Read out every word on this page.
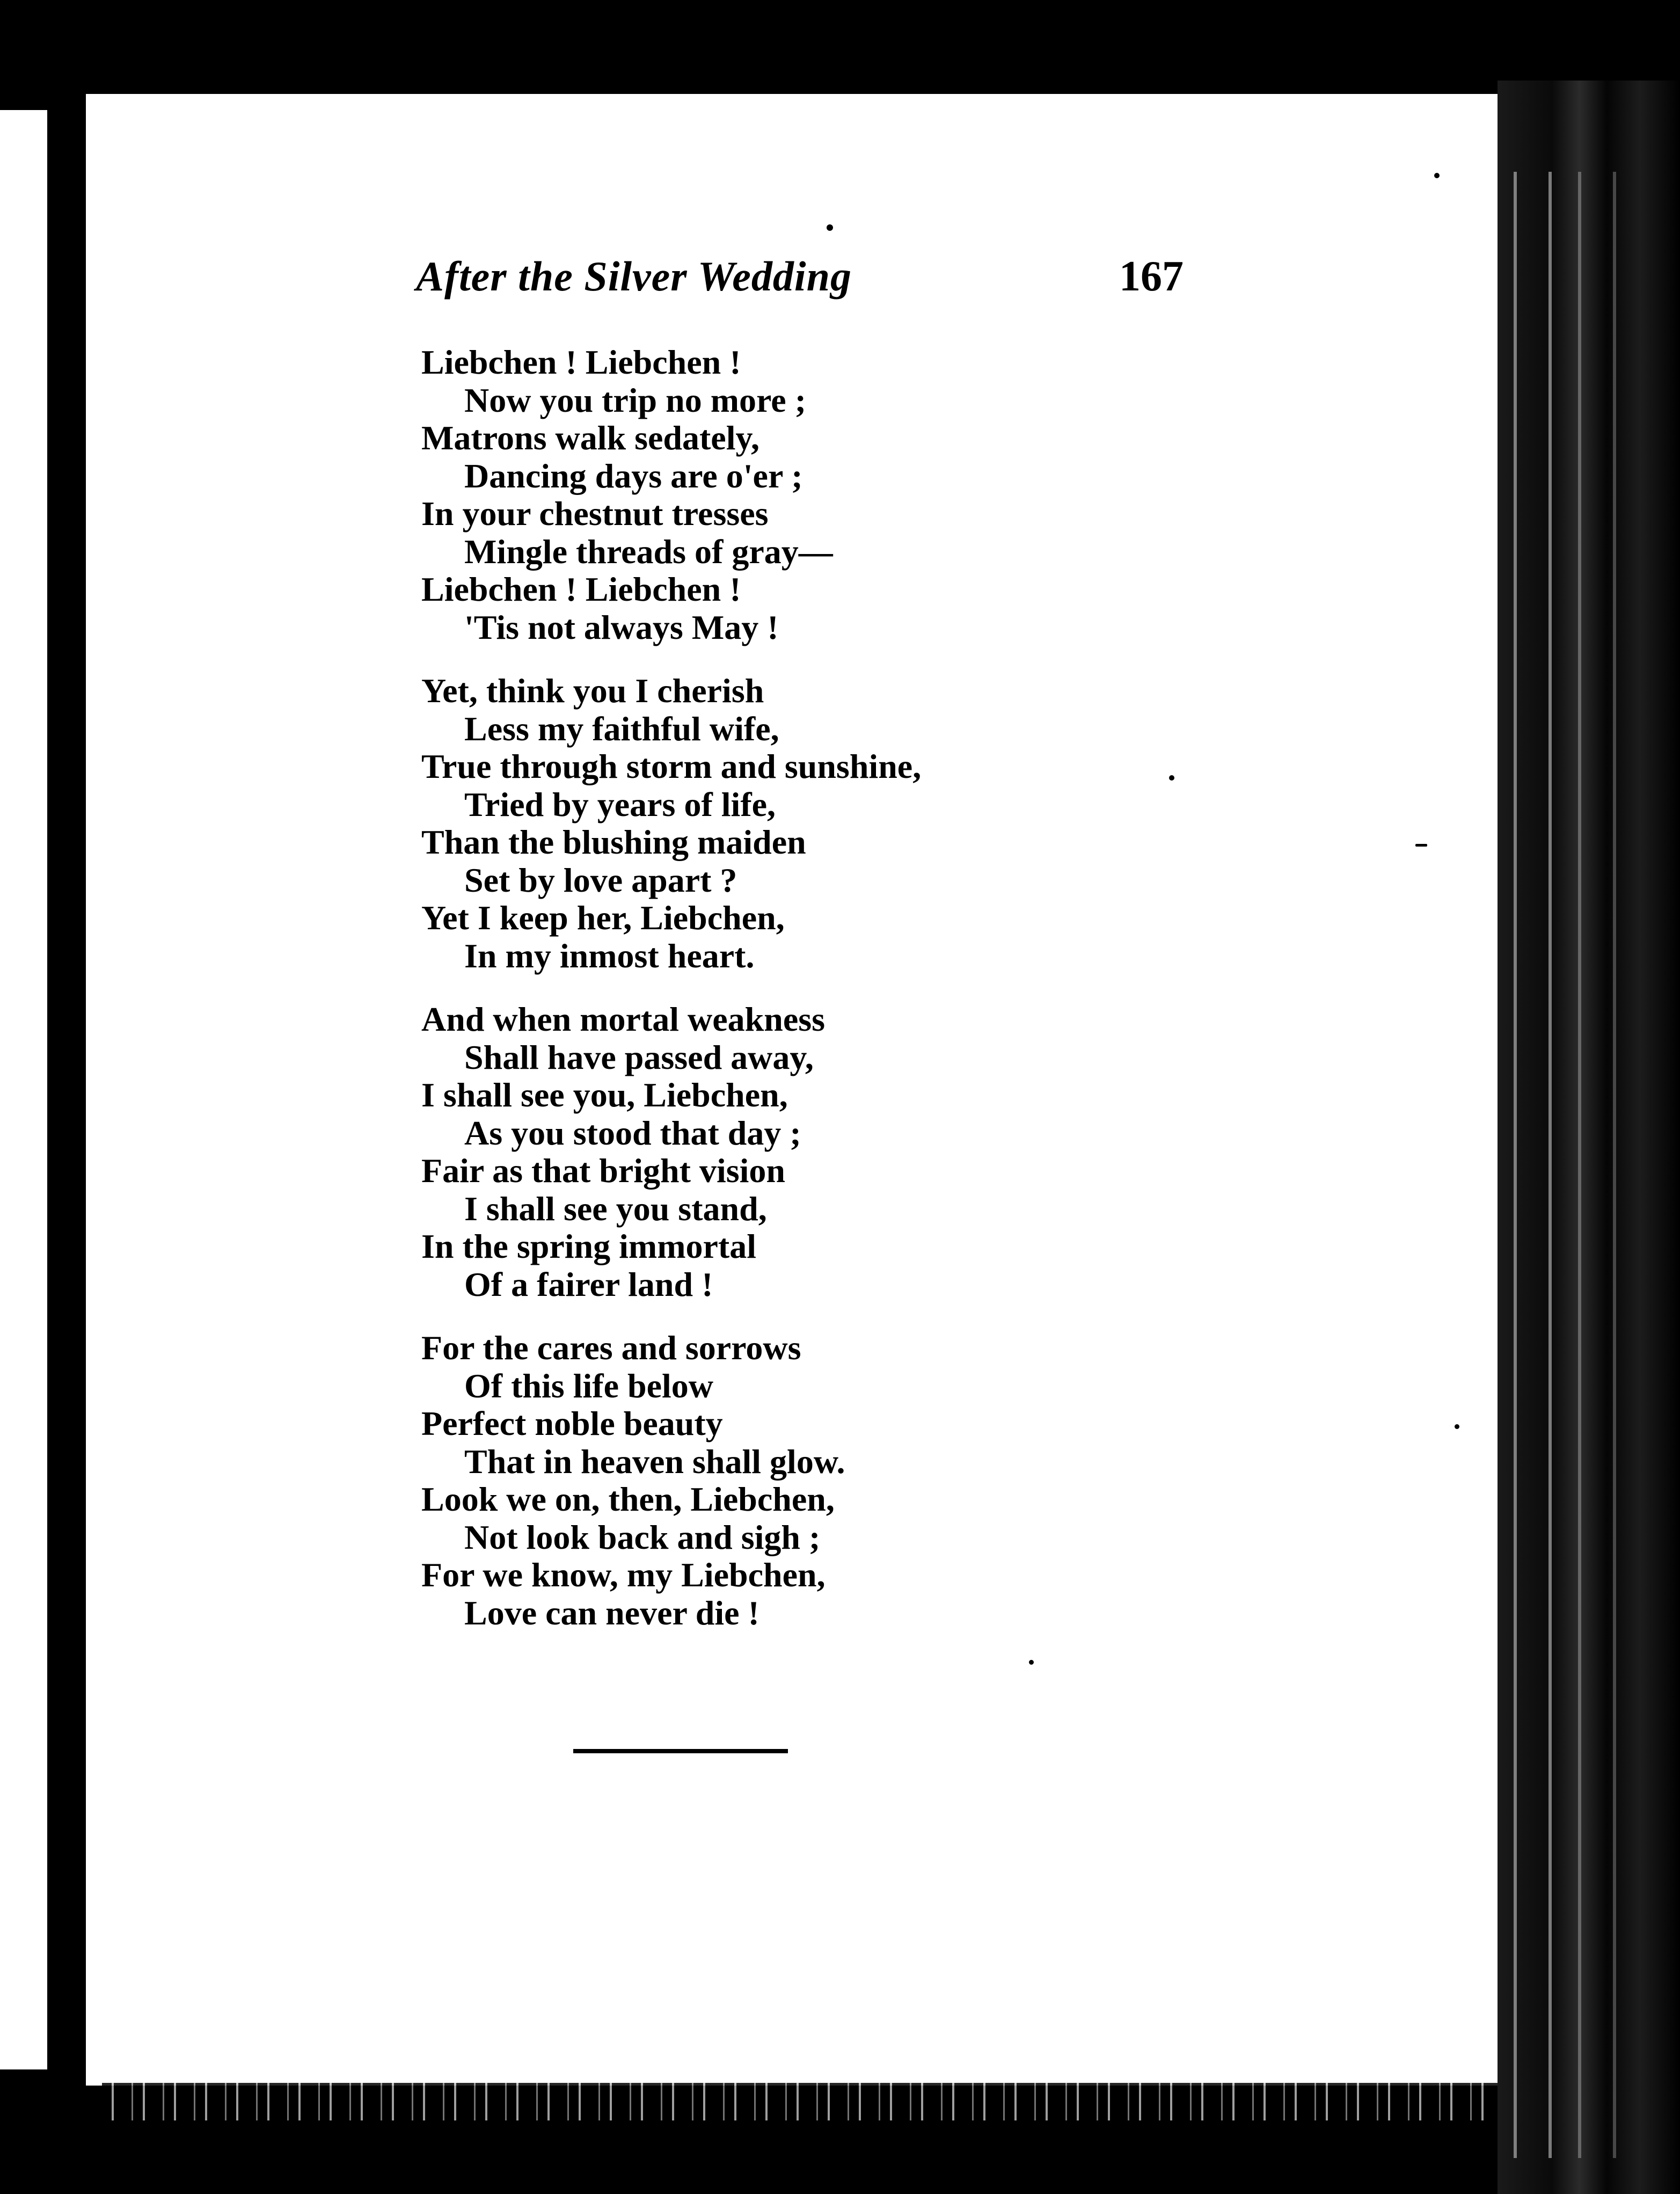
After the Silver Wedding	167
Liebchen ! Liebchen !
Now you trip no more ;
Matrons walk sedately,
Dancing days are o'er ;
In your chestnut tresses
Mingle threads of gray—
Liebchen ! Liebchen !
'Tis not always May !
Yet, think you I cherish
Less my faithful wife,
True through storm and sunshine,
Tried by years of life,
Than the blushing maiden
Set by love apart ?
Yet I keep her, Liebchen,
In my inmost heart.
And when mortal weakness
Shall have passed away,
I shall see you, Liebchen,
As you stood that day ;
Fair as that bright vision
I shall see you stand,
In the spring immortal
Of a fairer land !
For the cares and sorrows
Of this life below
Perfect noble beauty
That in heaven shall glow.
Look we on, then, Liebchen,
Not look back and sigh ;
For we know, my Liebchen,
Love can never die !
